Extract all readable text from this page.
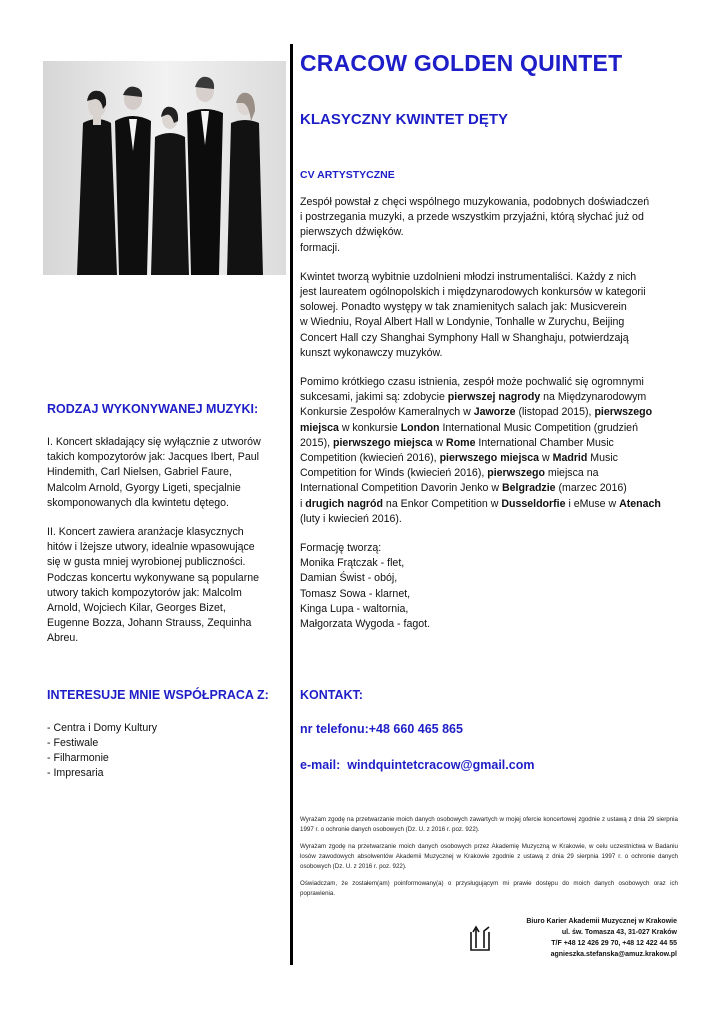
CRACOW GOLDEN QUINTET
KLASYCZNY KWINTET DĘTY
CV ARTYSTYCZNE

Zespół powstał z chęci wspólnego muzykowania, podobnych doświadczeń
i postrzegania muzyki, a przede wszystkim przyjaźni, którą słychać już od
pierwszych dźwięków.
formacji.

Kwintet tworzą wybitnie uzdolnieni młodzi instrumentaliści. Każdy z nich
jest laureatem ogólnopolskich i międzynarodowych konkursów w kategorii
solowej. Ponadto występy w tak znamienitych salach jak: Musicverein
w Wiedniu, Royal Albert Hall w Londynie, Tonhalle w Zurychu, Beijing
Concert Hall czy Shanghai Symphony Hall w Shanghaju, potwierdzają
kunszt wykonawczy muzyków.

Pomimo krótkiego czasu istnienia, zespół może pochwalić się ogromnymi
sukcesami, jakimi są: zdobycie pierwszej nagrody na Międzynarodowym
Konkursie Zespołów Kameralnych w Jaworze (listopad 2015), pierwszego
miejsca w konkursie London International Music Competition (grudzień
2015), pierwszego miejsca w Rome International Chamber Music
Competition (kwiecień 2016), pierwszego miejsca w Madrid Music
Competition for Winds (kwiecień 2016), pierwszego miejsca na
International Competition Davorin Jenko w Belgradzie (marzec 2016)
i drugich nagród na Enkor Competition w Dusseldorfie i eMuse w Atenach
(luty i kwiecień 2016).

Formację tworzą:
Monika Frątczak - flet,
Damian Świst - obój,
Tomasz Sowa - klarnet,
Kinga Lupa - waltornia,
Małgorzata Wygoda - fagot.
RODZAJ WYKONYWANEJ MUZYKI:
I. Koncert składający się wyłącznie z utworów
takich kompozytorów jak: Jacques Ibert, Paul
Hindemith, Carl Nielsen, Gabriel Faure,
Malcolm Arnold, Gyorgy Ligeti, specjalnie
skomponowanych dla kwintetu dętego.
II. Koncert zawiera aranżacje klasycznych
hitów i lżejsze utwory, idealnie wpasowujące
się w gusta mniej wyrobionej publiczności.
Podczas koncertu wykonywane są popularne
utwory takich kompozytorów jak: Malcolm
Arnold, Wojciech Kilar, Georges Bizet,
Eugenne Bozza, Johann Strauss, Zequinha
Abreu.
INTERESUJE MNIE WSPÓŁPRACA Z:
- Centra i Domy Kultury
- Festiwale
- Filharmonie
- Impresaria
KONTAKT:
nr telefonu:+48 660 465 865
e-mail:  windquintetcracow@gmail.com
Wyrażam zgodę na przetwarzanie moich danych osobowych zawartych w mojej ofercie koncertowej zgodnie z ustawą z dnia 29 sierpnia 1997 r. o ochronie danych osobowych (Dz. U. z 2016 r. poz. 922).
Wyrażam zgodę na przetwarzanie moich danych osobowych przez Akademię Muzyczną w Krakowie, w celu uczestnictwa w Badaniu losów zawodowych absolwentów Akademii Muzycznej w Krakowie zgodnie z ustawą z dnia 29 sierpnia 1997 r. o ochronie danych osobowych (Dz. U. z 2016 r. poz. 922).
Oświadczam, że zostałem(am) poinformowany(a) o przysługującym mi prawie dostępu do moich danych osobowych oraz ich poprawienia.
Biuro Karier Akademii Muzycznej w Krakowie
ul. św. Tomasza 43, 31-027 Kraków
T/F +48 12 426 29 70, +48 12 422 44 55
agnieszka.stefanska@amuz.krakow.pl
